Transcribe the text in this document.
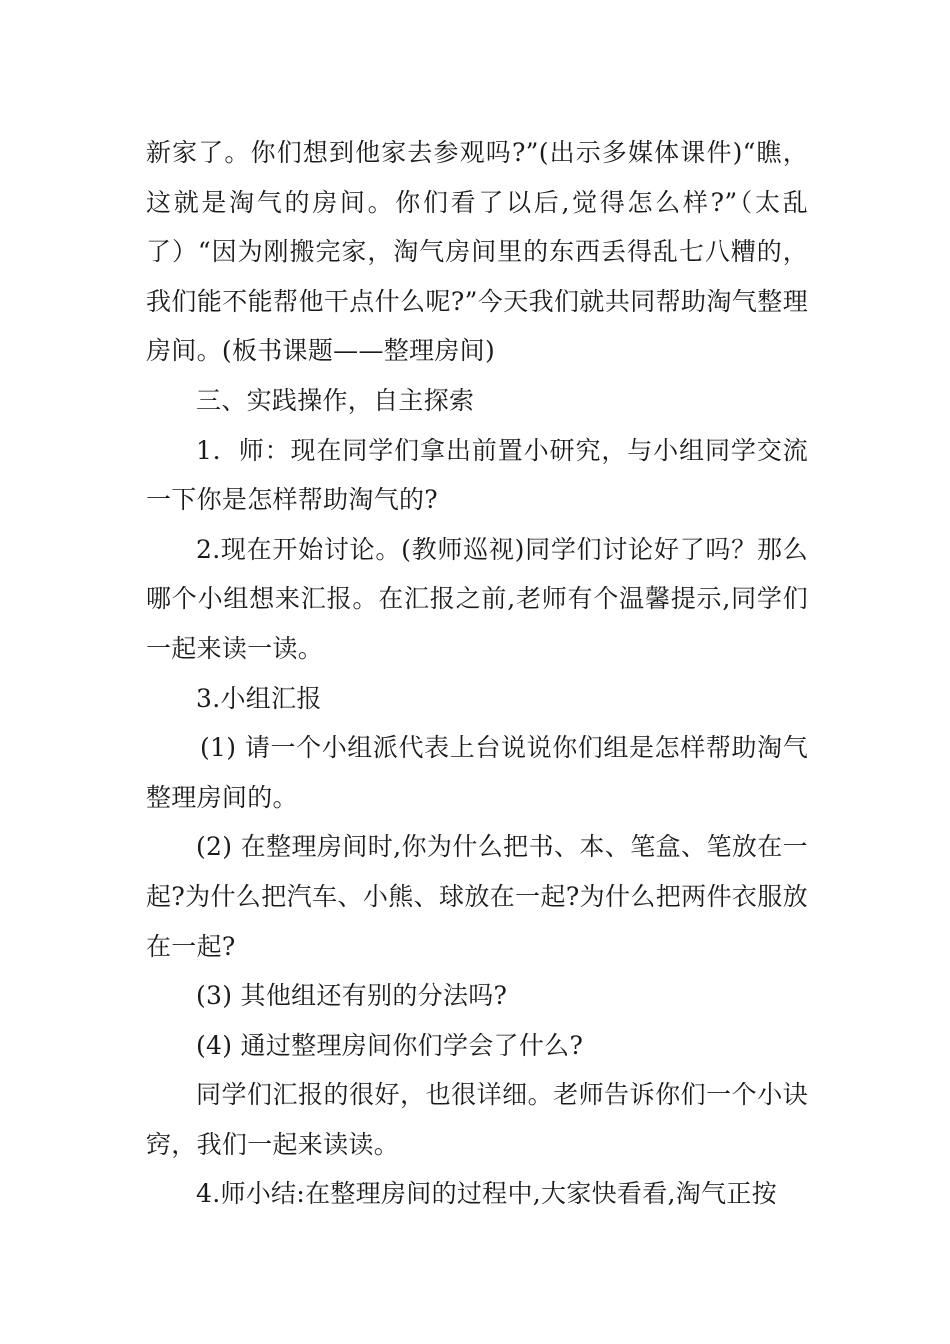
新家了。你们想到他家去参观吗?”(出示多媒体课件)“瞧，这就是淘气的房间。你们看了以后,觉得怎么样?”（太乱了）“因为刚搬完家，淘气房间里的东西丢得乱七八糟的，我们能不能帮他干点什么呢?”今天我们就共同帮助淘气整理房间。(板书课题——整理房间)

三、实践操作，自主探索

1．师：现在同学们拿出前置小研究，与小组同学交流一下你是怎样帮助淘气的?

2.现在开始讨论。(教师巡视)同学们讨论好了吗？那么哪个小组想来汇报。在汇报之前,老师有个温馨提示,同学们一起来读一读。

3.小组汇报

(1) 请一个小组派代表上台说说你们组是怎样帮助淘气整理房间的。

(2) 在整理房间时,你为什么把书、本、笔盒、笔放在一起?为什么把汽车、小熊、球放在一起?为什么把两件衣服放在一起?

(3) 其他组还有别的分法吗?

(4) 通过整理房间你们学会了什么?

同学们汇报的很好，也很详细。老师告诉你们一个小诀窍，我们一起来读读。

4.师小结:在整理房间的过程中,大家快看看,淘气正按
